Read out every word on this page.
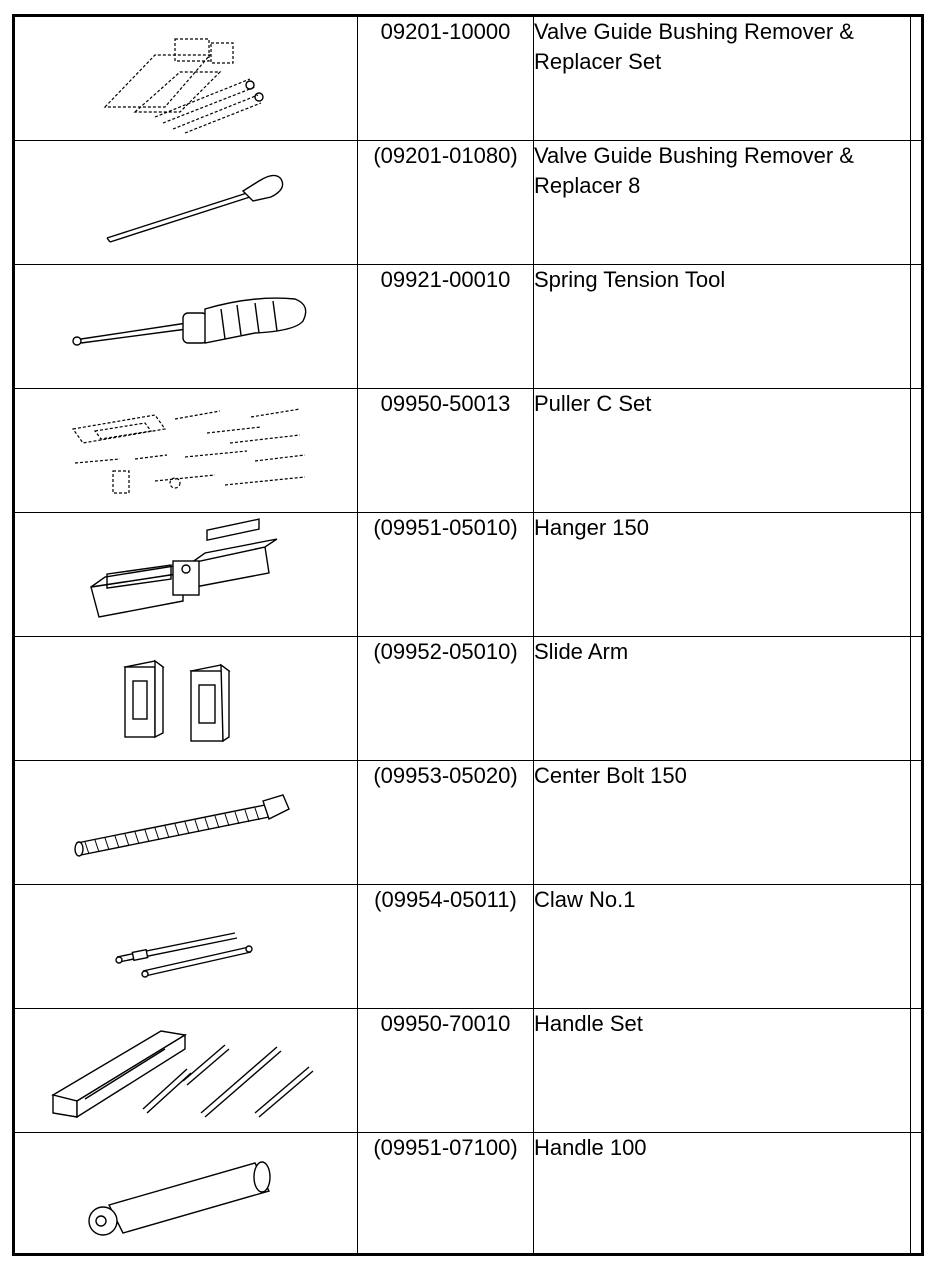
	09201-10000	Valve Guide Bushing Remover & Replacer Set	

	(09201-01080)	Valve Guide Bushing Remover & Replacer 8	

	09921-00010	Spring Tension Tool	

	09950-50013	Puller C Set	

	(09951-05010)	Hanger 150	

	(09952-05010)	Slide Arm	

	(09953-05020)	Center Bolt 150	

	(09954-05011)	Claw No.1	

	09950-70010	Handle Set	

	(09951-07100)	Handle 100	
